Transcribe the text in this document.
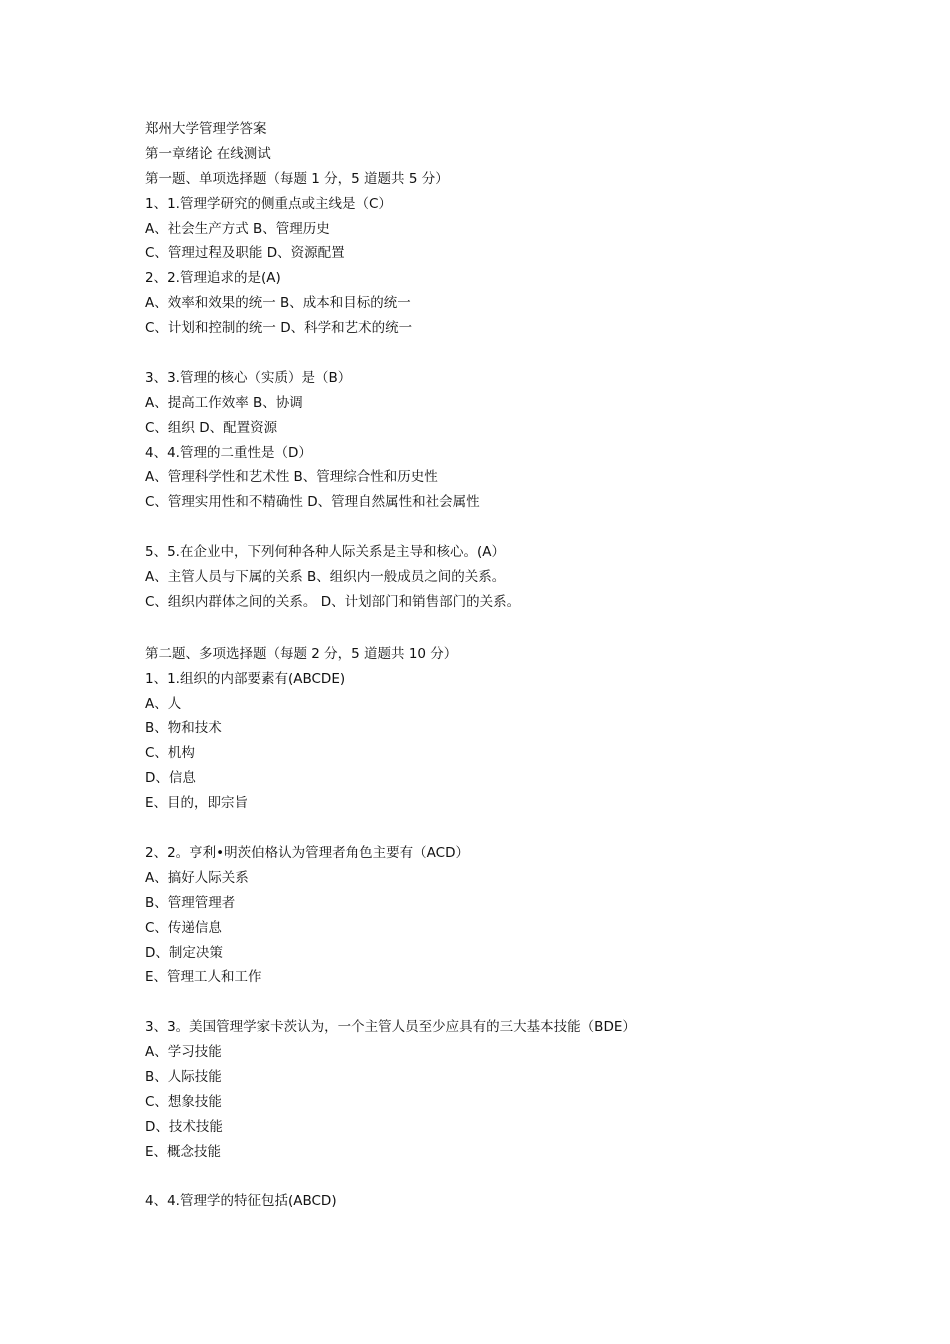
郑州大学管理学答案
第一章绪论 在线测试
第一题、单项选择题（每题 1 分，5 道题共 5 分）
1、1.管理学研究的侧重点或主线是（C）
A、社会生产方式 B、管理历史
C、管理过程及职能 D、资源配置
2、2.管理追求的是(A)
A、效率和效果的统一 B、成本和目标的统一
C、计划和控制的统一 D、科学和艺术的统一
3、3.管理的核心（实质）是（B）
A、提高工作效率 B、协调
C、组织 D、配置资源
4、4.管理的二重性是（D）
A、管理科学性和艺术性 B、管理综合性和历史性
C、管理实用性和不精确性 D、管理自然属性和社会属性
5、5.在企业中，下列何种各种人际关系是主导和核心。(A）
A、主管人员与下属的关系 B、组织内一般成员之间的关系。
C、组织内群体之间的关系。 D、计划部门和销售部门的关系。
第二题、多项选择题（每题 2 分，5 道题共 10 分）
1、1.组织的内部要素有(ABCDE)
A、人
B、物和技术
C、机构
D、信息
E、目的，即宗旨
2、2。亨利•明茨伯格认为管理者角色主要有（ACD）
A、搞好人际关系
B、管理管理者
C、传递信息
D、制定决策
E、管理工人和工作
3、3。美国管理学家卡茨认为，一个主管人员至少应具有的三大基本技能（BDE）
A、学习技能
B、人际技能
C、想象技能
D、技术技能
E、概念技能
4、4.管理学的特征包括(ABCD)
